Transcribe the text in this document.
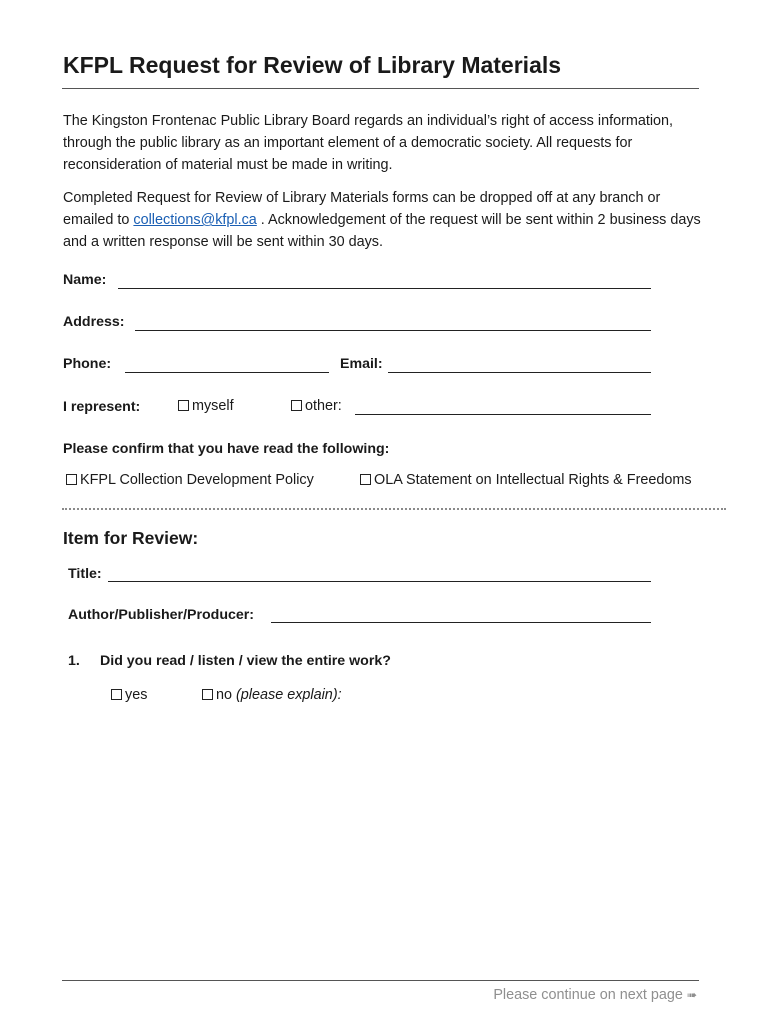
KFPL Request for Review of Library Materials
The Kingston Frontenac Public Library Board regards an individual’s right of access information, through the public library as an important element of a democratic society. All requests for reconsideration of material must be made in writing.
Completed Request for Review of Library Materials forms can be dropped off at any branch or emailed to collections@kfpl.ca . Acknowledgement of the request will be sent within 2 business days and a written response will be sent within 30 days.
Name:
Address:
Phone:	Email:
I represent:	myself	other:
Please confirm that you have read the following:
KFPL Collection Development Policy	OLA Statement on Intellectual Rights & Freedoms
Item for Review:
Title:
Author/Publisher/Producer:
1. Did you read / listen / view the entire work?
yes	no (please explain):
Please continue on next page ➠
